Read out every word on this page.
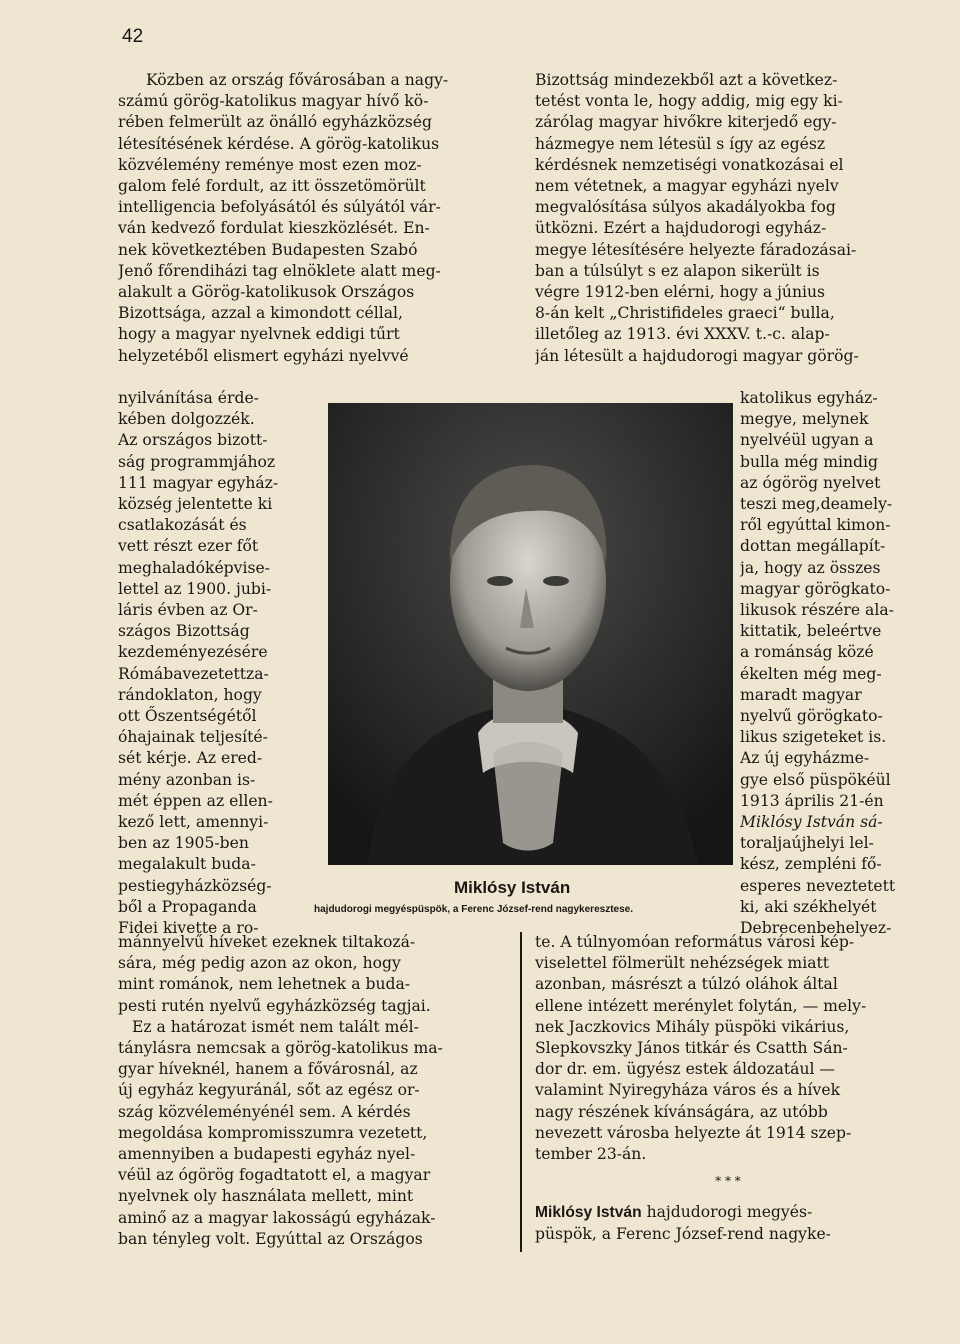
42

Közben az ország fővárosában a nagy-
számú görög-katolikus magyar hívő kö-
rében felmerült az önálló egyházközség
létesítésének kérdése. A görög-katolikus
közvélemény reménye most ezen moz-
galom felé fordult, az itt összetömörült
intelligencia befolyásától és súlyától vár-
ván kedvező fordulat kieszközlését. En-
nek következtében Budapesten Szabó
Jenő főrendiházi tag elnöklete alatt meg-
alakult a Görög-katolikusok Országos
Bizottsága, azzal a kimondott céllal,
hogy a magyar nyelvnek eddigi tűrt
helyzetéből elismert egyházi nyelvvé

nyilvánítása érde-
kében dolgozzék.
Az országos bizott-
ság programmjához
111 magyar egyház-
község jelentette ki
csatlakozását és
vett részt ezer főt
meghaladóképvise-
lettel az 1900. jubi-
láris évben az Or-
szágos Bizottság
kezdeményezésére
Rómábavezetettza-
rándoklaton, hogy
ott Őszentségétől
óhajainak teljesíté-
sét kérje. Az ered-
mény azonban is-
mét éppen az ellen-
kező lett, amennyi-
ben az 1905-ben
megalakult buda-
pestiegyházközség-
ből a Propaganda
Fidei kivette a ro-
Miklósy István
hajdudorogi megyéspüspök, a Ferenc József-rend nagykeresztese.
Bizottság mindezekből azt a következ-
tetést vonta le, hogy addig, mig egy ki-
zárólag magyar hivőkre kiterjedő egy-
házmegye nem létesül s így az egész
kérdésnek nemzetiségi vonatkozásai el
nem vétetnek, a magyar egyházi nyelv
megvalósítása súlyos akadályokba fog
ütközni. Ezért a hajdudorogi egyház-
megye létesítésére helyezte fáradozásai-
ban a túlsúlyt s ez alapon sikerült is
végre 1912-ben elérni, hogy a június
8-án kelt „Christifideles graeci“ bulla,
illetőleg az 1913. évi XXXV. t.-c. alap-
ján létesült a hajdudorogi magyar görög-
katolikus egyház-
megye, melynek
nyelvéül ugyan a
bulla még mindig
az ógörög nyelvet
teszi meg,deamely-
ről egyúttal kimon-
dottan megállapít-
ja, hogy az összes
magyar görögkato-
likusok részére ala-
kittatik, beleértve
a románság közé
ékelten még meg-
maradt magyar
nyelvű görögkato-
likus szigeteket is.
Az új egyházme-
gye első püspökéül
1913 április 21-én
Miklósy István sá-
toraljaújhelyi lel-
kész, zempléni fő-
esperes neveztetett
ki, aki székhelyét
Debrecenbehelyez-
mánnyelvű híveket ezeknek tiltakozá-
sára, még pedig azon az okon, hogy
mint románok, nem lehetnek a buda-
pesti rutén nyelvű egyházközség tagjai.
Ez a határozat ismét nem talált mél-
tánylásra nemcsak a görög-katolikus ma-
gyar híveknél, hanem a fővárosnál, az
új egyház kegyuránál, sőt az egész or-
szág közvéleményénél sem. A kérdés
megoldása kompromisszumra vezetett,
amennyiben a budapesti egyház nyel-
véül az ógörög fogadtatott el, a magyar
nyelvnek oly használata mellett, mint
aminő az a magyar lakosságú egyházak-
ban tényleg volt. Egyúttal az Országos
te. A túlnyomóan református városi kép-
viselettel fölmerült nehézségek miatt
azonban, másrészt a túlzó oláhok által
ellene intézett merénylet folytán, — mely-
nek Jaczkovics Mihály püspöki vikárius,
Slepkovszky János titkár és Csatth Sán-
dor dr. em. ügyész estek áldozatául —
valamint Nyiregyháza város és a hívek
nagy részének kívánságára, az utóbb
nevezett városba helyezte át 1914 szep-
tember 23-án.
* * *
Miklósy István hajdudorogi megyés-
püspök, a Ferenc József-rend nagyke-
